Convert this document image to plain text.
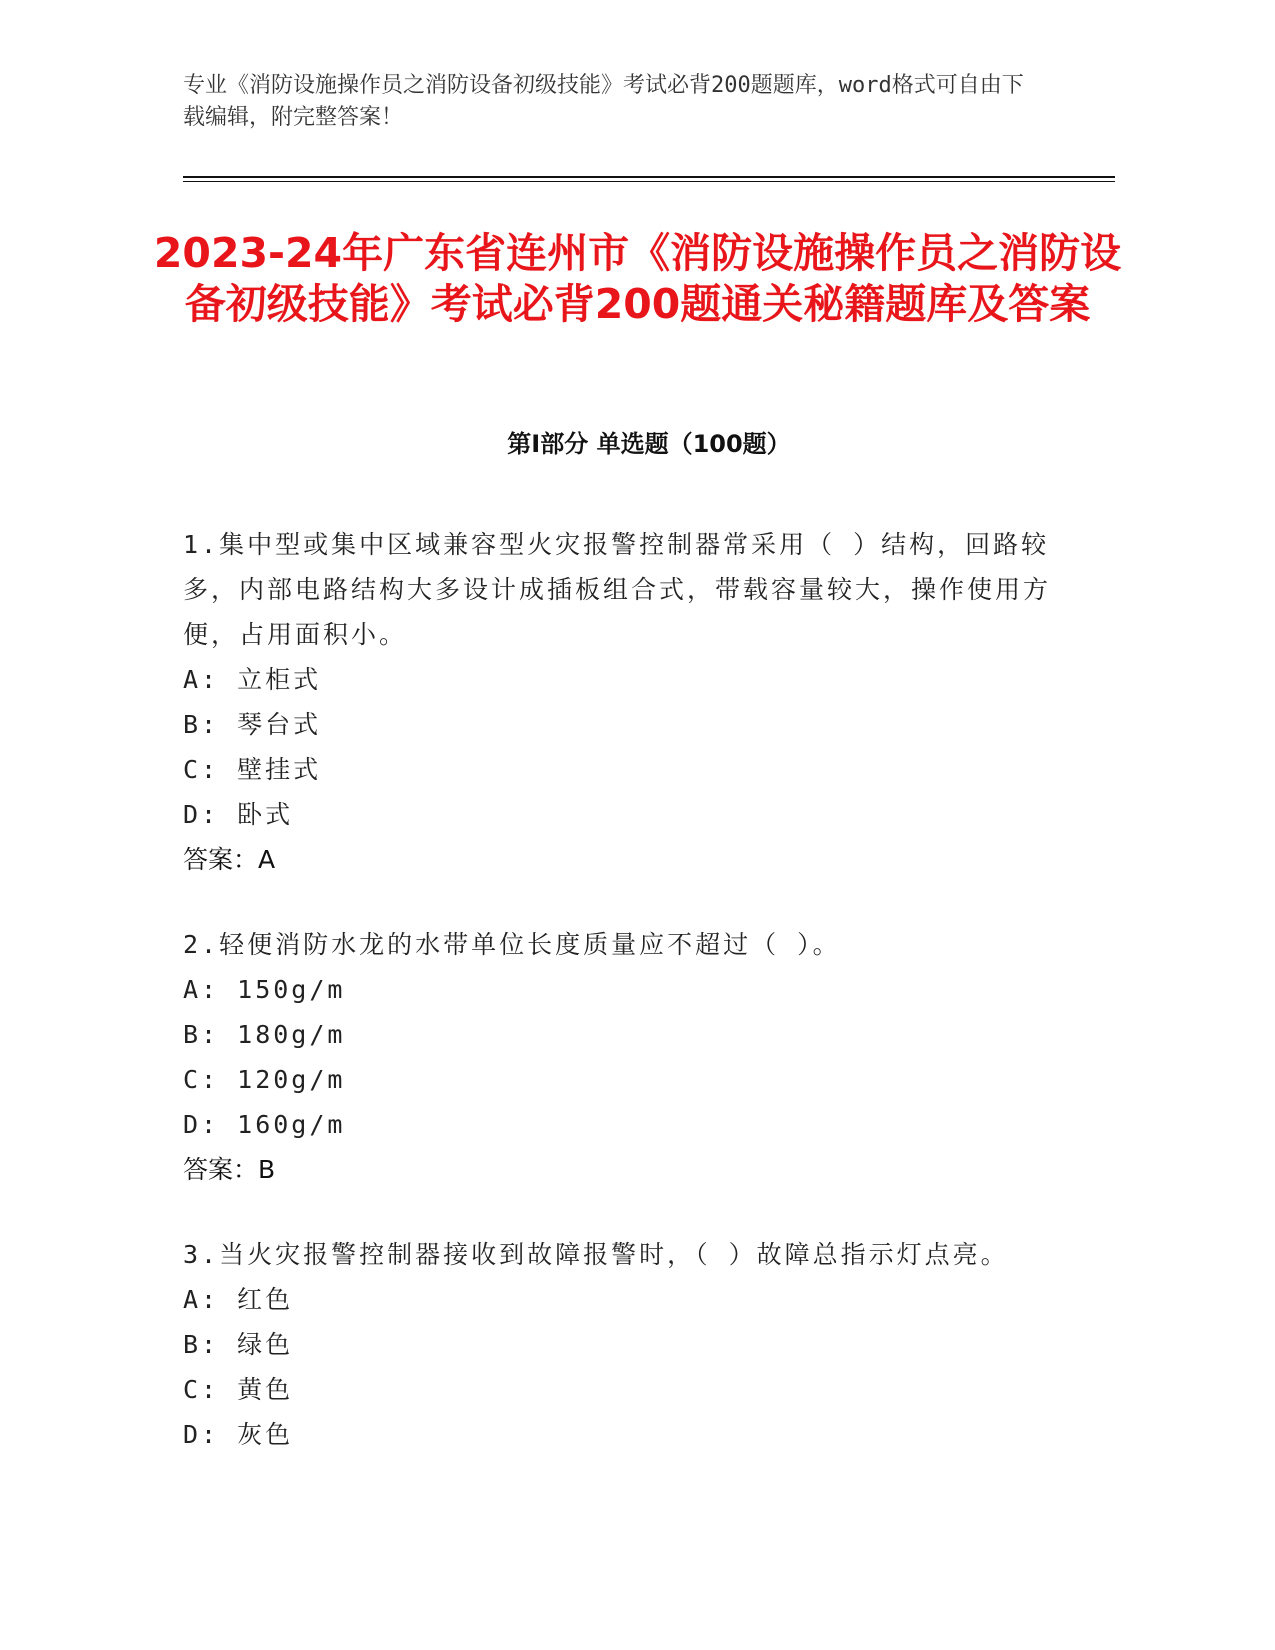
专业《消防设施操作员之消防设备初级技能》考试必背200题题库，word格式可自由下载编辑，附完整答案！
2023-24年广东省连州市《消防设施操作员之消防设备初级技能》考试必背200题通关秘籍题库及答案
第I部分 单选题（100题）
1.集中型或集中区域兼容型火灾报警控制器常采用（ ）结构，回路较多，内部电路结构大多设计成插板组合式，带载容量较大，操作使用方便，占用面积小。
A: 立柜式
B: 琴台式
C: 壁挂式
D: 卧式
答案：A
2.轻便消防水龙的水带单位长度质量应不超过（ ）。
A: 150g/m
B: 180g/m
C: 120g/m
D: 160g/m
答案：B
3.当火灾报警控制器接收到故障报警时，（ ）故障总指示灯点亮。
A: 红色
B: 绿色
C: 黄色
D: 灰色
